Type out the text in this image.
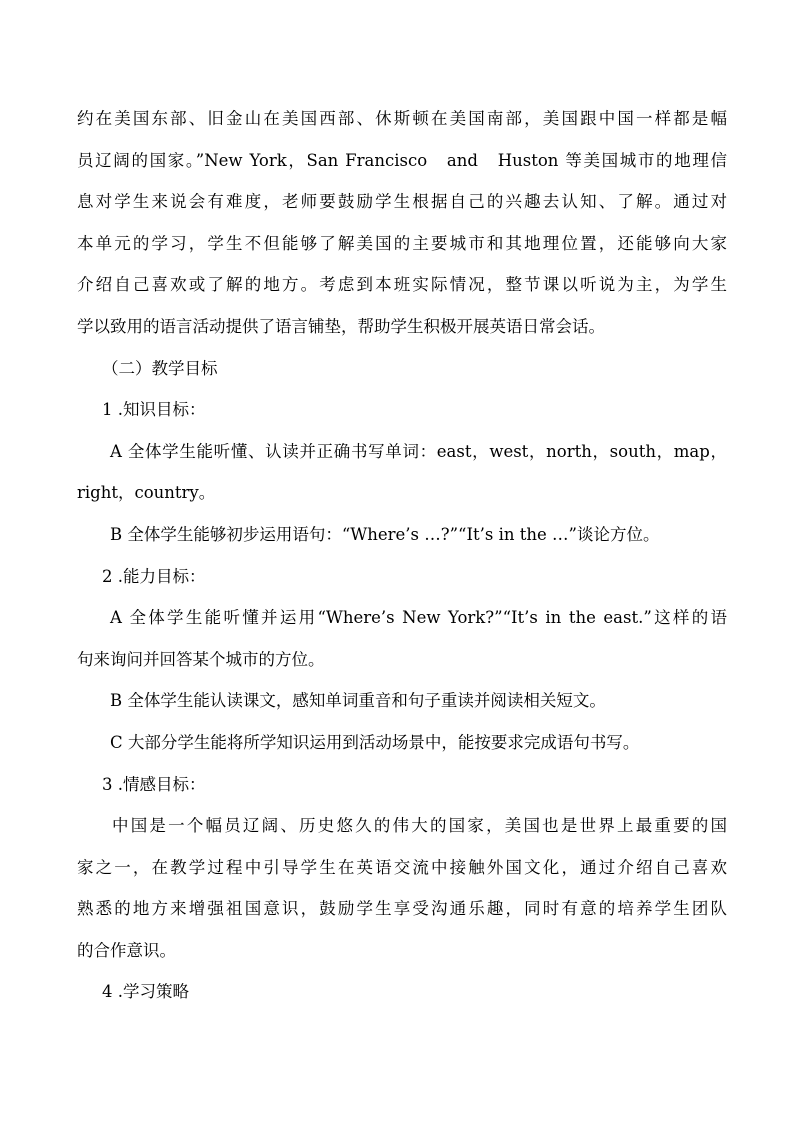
约在美国东部、旧金山在美国西部、休斯顿在美国南部，美国跟中国一样都是幅
员辽阔的国家。”New York，San Francisco　and　Huston 等美国城市的地理信
息对学生来说会有难度，老师要鼓励学生根据自己的兴趣去认知、了解。通过对
本单元的学习，学生不但能够了解美国的主要城市和其地理位置，还能够向大家
介绍自己喜欢或了解的地方。考虑到本班实际情况，整节课以听说为主，为学生
学以致用的语言活动提供了语言铺垫，帮助学生积极开展英语日常会话。
（二）教学目标
1 .知识目标：
A 全体学生能听懂、认读并正确书写单词：east，west，north，south，map，
right，country。
B 全体学生能够初步运用语句：“Where’s …?”“It’s in the …”谈论方位。
2 .能力目标：
A 全体学生能听懂并运用“Where’s New York?”“It’s in the east.”这样的语
句来询问并回答某个城市的方位。
B 全体学生能认读课文，感知单词重音和句子重读并阅读相关短文。
C 大部分学生能将所学知识运用到活动场景中，能按要求完成语句书写。
3 .情感目标：
中国是一个幅员辽阔、历史悠久的伟大的国家，美国也是世界上最重要的国
家之一，在教学过程中引导学生在英语交流中接触外国文化，通过介绍自己喜欢
熟悉的地方来增强祖国意识，鼓励学生享受沟通乐趣，同时有意的培养学生团队
的合作意识。
4 .学习策略
